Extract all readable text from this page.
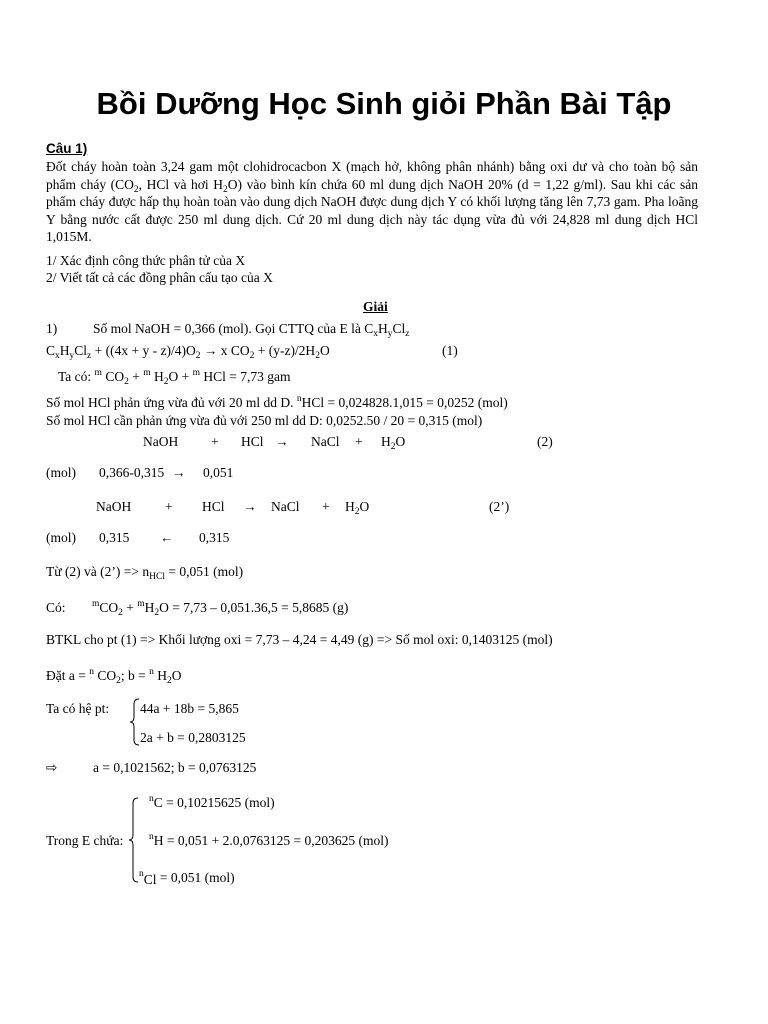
Bồi Dưỡng Học Sinh giỏi Phần Bài Tập
Câu 1)
Đốt cháy hoàn toàn 3,24 gam một clohidrocacbon X (mạch hở, không phân nhánh) bằng oxi dư và cho toàn bộ sản phẩm cháy ($CO_2$, HCl và hơi $H_2O$) vào bình kín chứa 60 ml dung dịch NaOH 20% (d = 1,22 g/ml). Sau khi các sản phẩm cháy được hấp thụ hoàn toàn vào dung dịch NaOH được dung dịch Y có khối lượng tăng lên 7,73 gam. Pha loãng Y bằng nước cất được 250 ml dung dịch. Cứ 20 ml dung dịch này tác dụng vừa đủ với 24,828 ml dung dịch HCl 1,015M.
1/ Xác định công thức phân tử của X
2/ Viết tất cả các đồng phân cấu tạo của X
Giải
1)	Số mol NaOH = 0,366 (mol). Gọi CTTQ của E là $C_xH_yCl_z$
$C_xH_yCl_z + ((4x + y - z)/4)O_2 \to x$ $CO_2 + (y-z)/2H_2O$	(1)
Ta có: $^m$ $CO_2 + ^m$ $H_2O + ^m$ HCl = 7,73 gam
Số mol HCl phản ứng vừa đủ với 20 ml dd D. $^n$HCl = 0,024828.1,015 = 0,0252 (mol)
Số mol HCl cần phản ứng vừa đủ với 250 ml dd D: 0,0252.50 / 20 = 0,315 (mol)
NaOH + HCl → NaCl + $H_2O$	(2)
(mol) 0,366-0,315 → 0,051
NaOH	+ HCl → NaCl + $H_2O$	(2’)
(mol) 0,315 ← 0,315
Từ (2) và (2’) => $n_{HCl} = 0,051$ (mol)
Có:	$^mCO_2 + ^mH_2O = 7,73 - 0,051.36,5 = 5,8685$ (g)
BTKL cho pt (1) => Khối lượng oxi = 7,73 – 4,24 = 4,49 (g) => Số mol oxi: 0,1403125 (mol)
Đặt a = $^n$ $CO_2$; b = $^n$ $H_2O$
Ta có hệ pt: 44a + 18b = 5,865
2a + b = 0,2803125
⇨	a = 0,1021562; b = 0,0763125
Trong E chứa:
$^n$C = 0,10215625 (mol)
$^n$H = 0,051 + 2.0,0763125 = 0,203625 (mol)
$^n_{Cl}$ = 0,051 (mol)
